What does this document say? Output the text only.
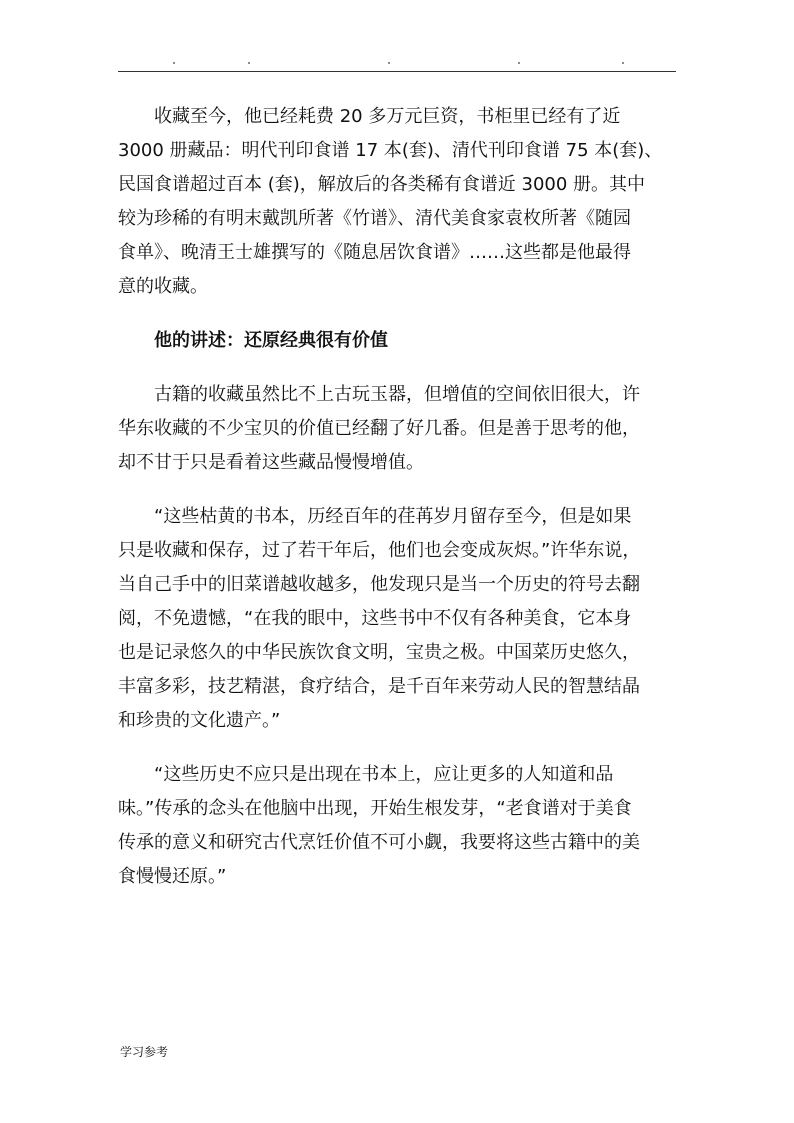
收藏至今，他已经耗费 20 多万元巨资，书柜里已经有了近
3000 册藏品：明代刊印食谱 17 本(套)、清代刊印食谱 75 本(套)、
民国食谱超过百本 (套)，解放后的各类稀有食谱近 3000 册。其中
较为珍稀的有明末戴凯所著《竹谱》、清代美食家袁枚所著《随园
食单》、晚清王士雄撰写的《随息居饮食谱》……这些都是他最得
意的收藏。

他的讲述：还原经典很有价值

古籍的收藏虽然比不上古玩玉器，但增值的空间依旧很大，许
华东收藏的不少宝贝的价值已经翻了好几番。但是善于思考的他，
却不甘于只是看着这些藏品慢慢增值。

“这些枯黄的书本，历经百年的荏苒岁月留存至今，但是如果
只是收藏和保存，过了若干年后，他们也会变成灰烬。”许华东说，
当自己手中的旧菜谱越收越多，他发现只是当一个历史的符号去翻
阅，不免遗憾，“在我的眼中，这些书中不仅有各种美食，它本身
也是记录悠久的中华民族饮食文明，宝贵之极。中国菜历史悠久，
丰富多彩，技艺精湛，食疗结合，是千百年来劳动人民的智慧结晶
和珍贵的文化遗产。”

“这些历史不应只是出现在书本上，应让更多的人知道和品
味。”传承的念头在他脑中出现，开始生根发芽，“老食谱对于美食
传承的意义和研究古代烹饪价值不可小觑，我要将这些古籍中的美
食慢慢还原。”

学习参考
